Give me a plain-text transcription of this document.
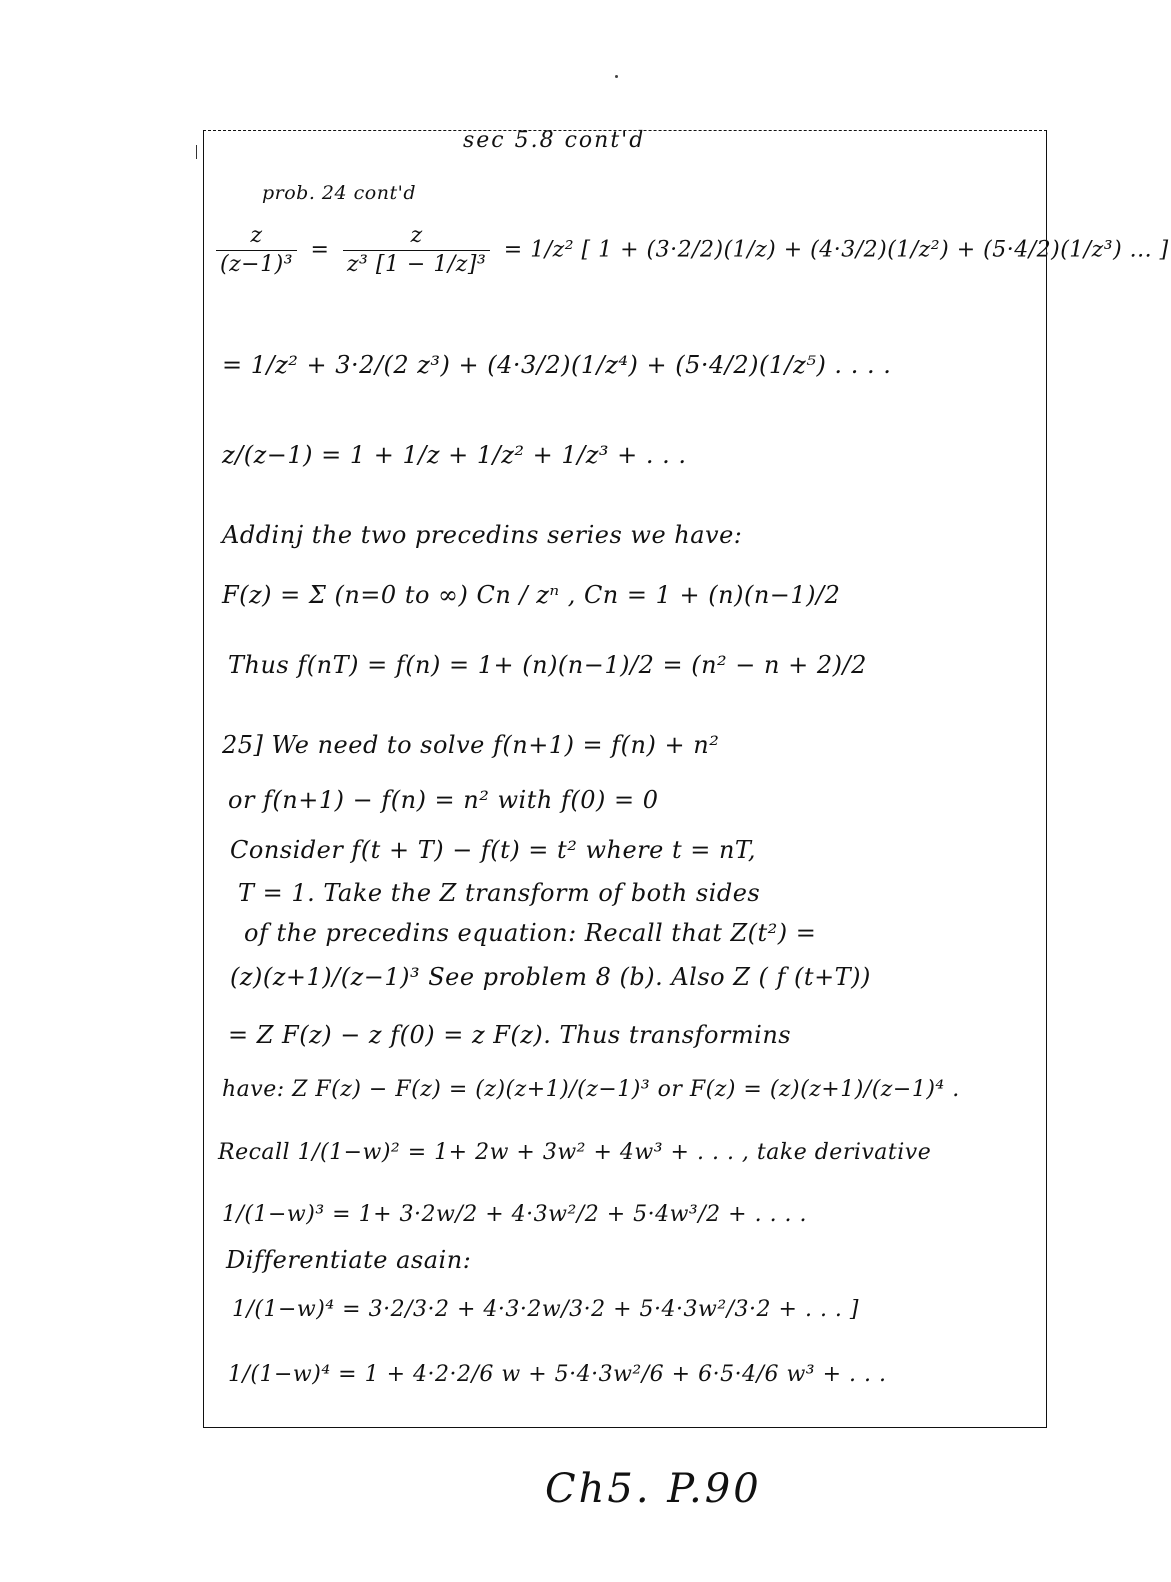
sec 5.8 cont'd
prob. 24 cont'd
$\frac{z}{\text{(z−1)³}} = \frac{z}{\text{z³ [1 − 1/z]³}} = 1/z^2$ [ 1 + (3·2/2)(1/z) + (4·3/2)(1/z²) + (5·4/2)(1/z³) ... ]
= 1/z² + 3·2/(2 z³) + (4·3/2)(1/z⁴) + (5·4/2)(1/z⁵) . . . .
z/(z−1) = 1 + 1/z + 1/z² + 1/z³ + . . .
Addinj the two precedins series we have:
F(z) = Σ (n=0 to ∞) Cn / zⁿ , Cn = 1 + (n)(n−1)/2
Thus f(nT) = f(n) = 1+ (n)(n−1)/2 = (n² − n + 2)/2
25] We need to solve f(n+1) = f(n) + n²
or f(n+1) − f(n) = n² with f(0) = 0
Consider f(t + T) − f(t) = t² where t = nT,
T = 1. Take the Z transform of both sides
of the precedins equation: Recall that Z(t²) =
(z)(z+1)/(z−1)³ See problem 8 (b). Also Z ( f (t+T))
= Z F(z) − z f(0) = z F(z). Thus transformins
have: Z F(z) − F(z) = (z)(z+1)/(z−1)³ or F(z) = (z)(z+1)/(z−1)⁴ .
Recall 1/(1−w)² = 1+ 2w + 3w² + 4w³ + . . . , take derivative
1/(1−w)³ = 1+ 3·2w/2 + 4·3w²/2 + 5·4w³/2 + . . . .
Differentiate asain:
1/(1−w)⁴ = 3·2/3·2 + 4·3·2w/3·2 + 5·4·3w²/3·2 + . . . ]
1/(1−w)⁴ = 1 + 4·2·2/6 w + 5·4·3w²/6 + 6·5·4/6 w³ + . . .
Ch5. P.90
